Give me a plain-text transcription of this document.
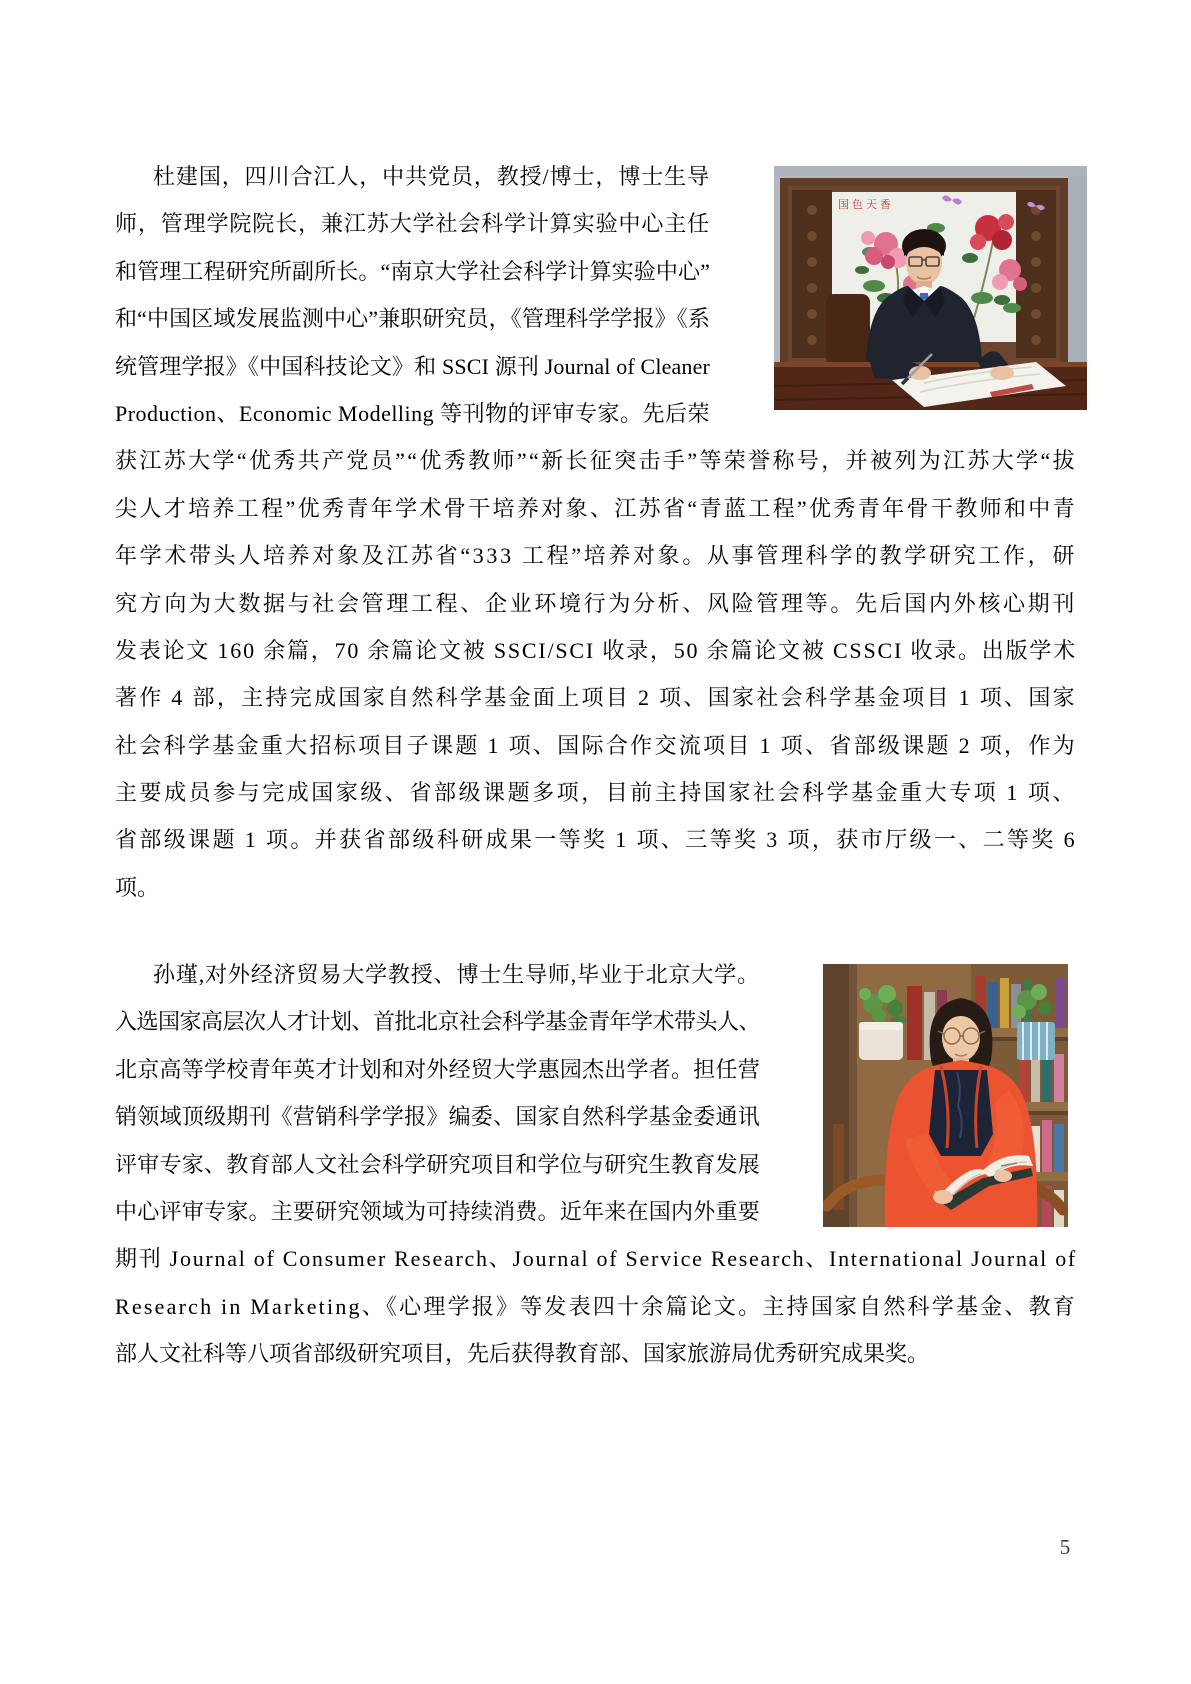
杜建国，四川合江人，中共党员，教授/博士，博士生导
师，管理学院院长，兼江苏大学社会科学计算实验中心主任
和管理工程研究所副所长。“南京大学社会科学计算实验中心”
和“中国区域发展监测中心”兼职研究员，《管理科学学报》《系
统管理学报》《中国科技论文》和 SSCI 源刊 Journal of Cleaner
Production、Economic Modelling 等刊物的评审专家。先后荣
获江苏大学“优秀共产党员”“优秀教师”“新长征突击手”等荣誉称号，并被列为江苏大学“拔
尖人才培养工程”优秀青年学术骨干培养对象、江苏省“青蓝工程”优秀青年骨干教师和中青
年学术带头人培养对象及江苏省“333 工程”培养对象。从事管理科学的教学研究工作，研
究方向为大数据与社会管理工程、企业环境行为分析、风险管理等。先后国内外核心期刊
发表论文 160 余篇，70 余篇论文被 SSCI/SCI 收录，50 余篇论文被 CSSCI 收录。出版学术
著作 4 部，主持完成国家自然科学基金面上项目 2 项、国家社会科学基金项目 1 项、国家
社会科学基金重大招标项目子课题 1 项、国际合作交流项目 1 项、省部级课题 2 项，作为
主要成员参与完成国家级、省部级课题多项，目前主持国家社会科学基金重大专项 1 项、
省部级课题 1 项。并获省部级科研成果一等奖 1 项、三等奖 3 项，获市厅级一、二等奖 6
项。
孙瑾,对外经济贸易大学教授、博士生导师,毕业于北京大学。
入选国家高层次人才计划、首批北京社会科学基金青年学术带头人、
北京高等学校青年英才计划和对外经贸大学惠园杰出学者。担任营
销领域顶级期刊《营销科学学报》编委、国家自然科学基金委通讯
评审专家、教育部人文社会科学研究项目和学位与研究生教育发展
中心评审专家。主要研究领域为可持续消费。近年来在国内外重要
期刊 Journal of Consumer Research、Journal of Service Research、International Journal of
Research in Marketing、《心理学报》等发表四十余篇论文。主持国家自然科学基金、教育
部人文社科等八项省部级研究项目，先后获得教育部、国家旅游局优秀研究成果奖。
国色天香
5
